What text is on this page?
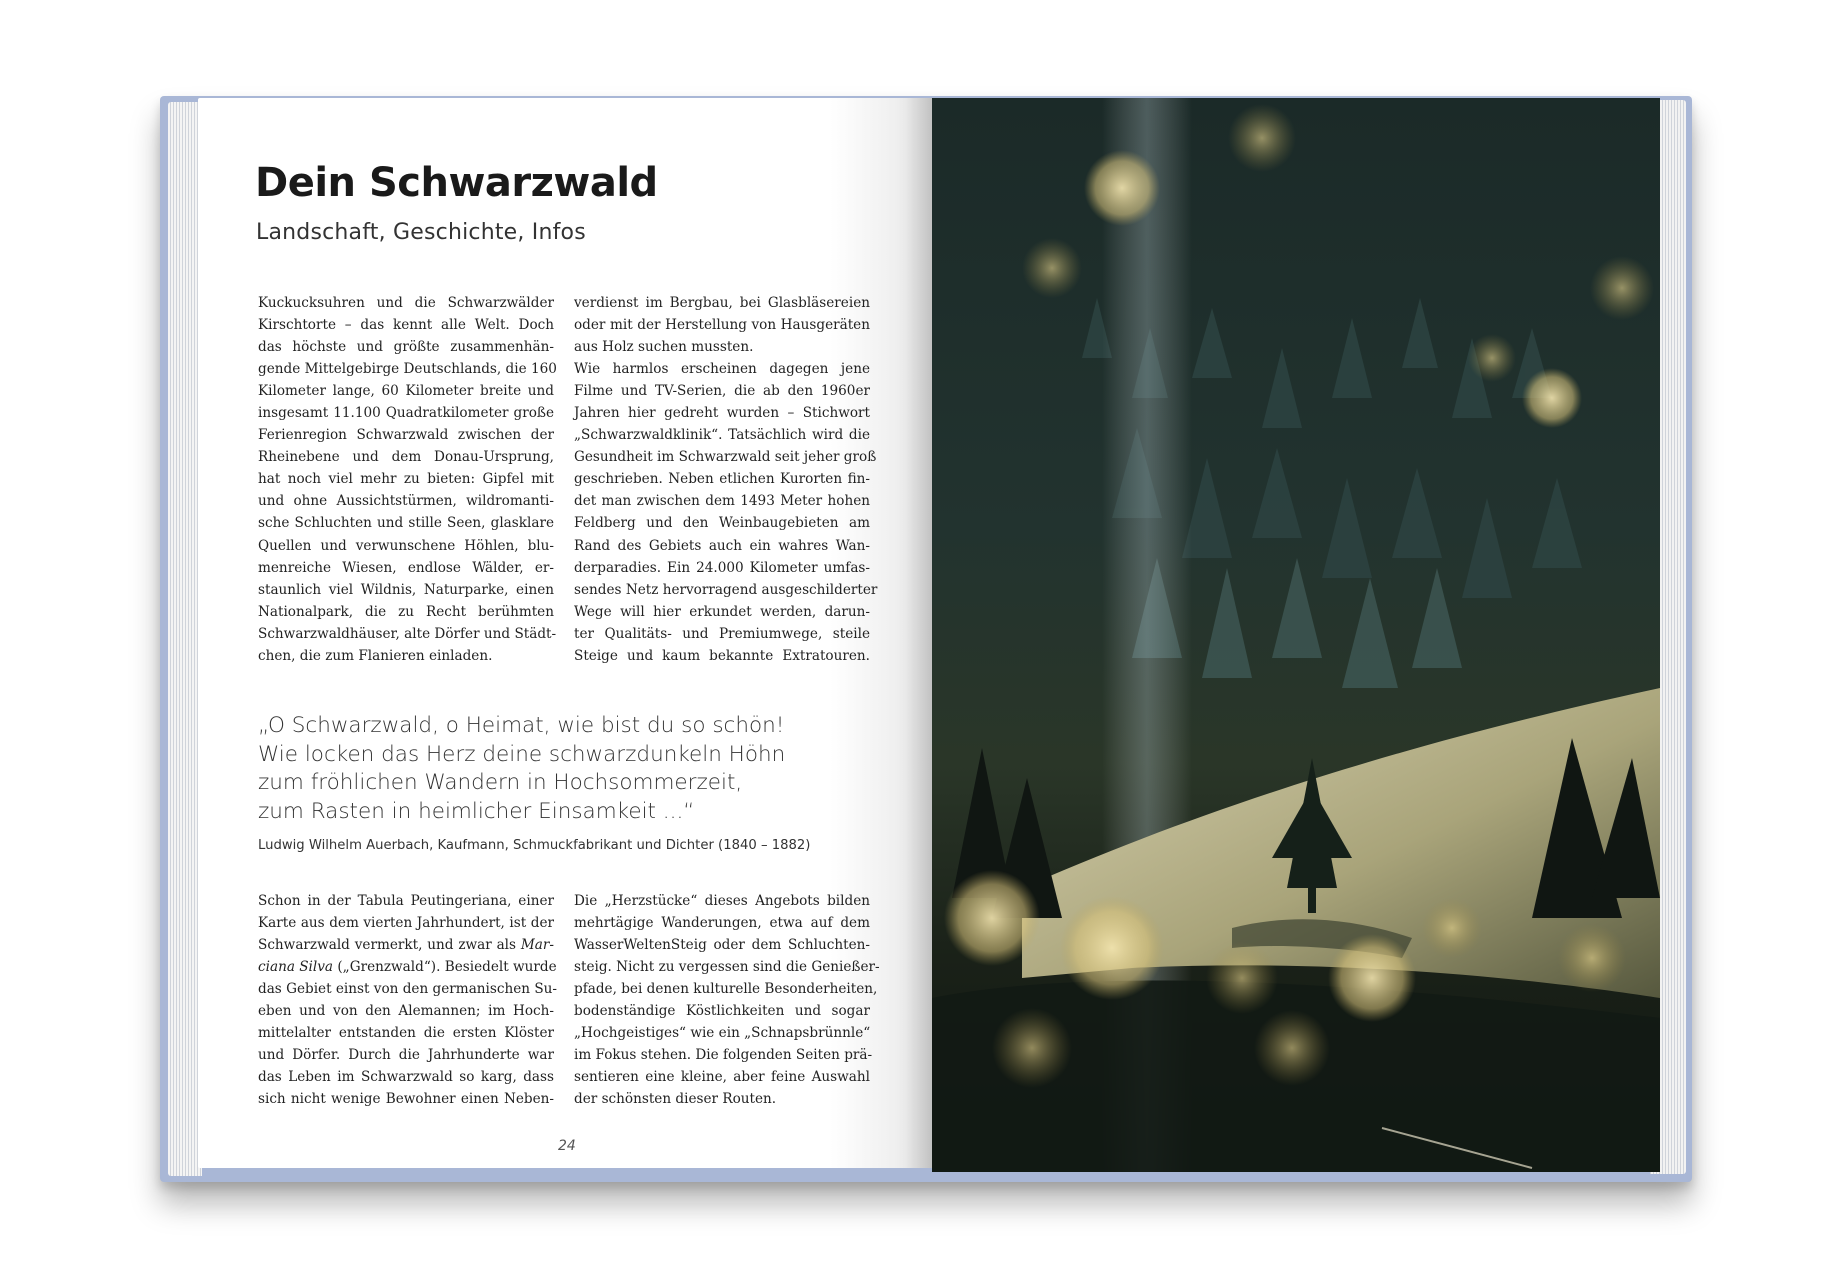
Dein Schwarzwald
Landschaft, Geschichte, Infos
Kuckucksuhren und die Schwarzwälder
Kirschtorte – das kennt alle Welt. Doch
das höchste und größte zusammenhän-
gende Mittelgebirge Deutschlands, die 160
Kilometer lange, 60 Kilometer breite und
insgesamt 11.100 Quadratkilometer große
Ferienregion Schwarzwald zwischen der
Rheinebene und dem Donau-Ursprung,
hat noch viel mehr zu bieten: Gipfel mit
und ohne Aussichtstürmen, wildromanti-
sche Schluchten und stille Seen, glasklare
Quellen und verwunschene Höhlen, blu-
menreiche Wiesen, endlose Wälder, er-
staunlich viel Wildnis, Naturparke, einen
Nationalpark, die zu Recht berühmten
Schwarzwaldhäuser, alte Dörfer und Städt-
chen, die zum Flanieren einladen.
verdienst im Bergbau, bei Glasbläsereien
oder mit der Herstellung von Hausgeräten
aus Holz suchen mussten.
Wie harmlos erscheinen dagegen jene
Filme und TV-Serien, die ab den 1960er
Jahren hier gedreht wurden – Stichwort
„Schwarzwaldklinik“. Tatsächlich wird die
Gesundheit im Schwarzwald seit jeher groß
geschrieben. Neben etlichen Kurorten fin-
det man zwischen dem 1493 Meter hohen
Feldberg und den Weinbaugebieten am
Rand des Gebiets auch ein wahres Wan-
derparadies. Ein 24.000 Kilometer umfas-
sendes Netz hervorragend ausgeschilderter
Wege will hier erkundet werden, darun-
ter Qualitäts- und Premiumwege, steile
Steige und kaum bekannte Extratouren.
„O Schwarzwald, o Heimat, wie bist du so schön!
Wie locken das Herz deine schwarzdunkeln Höhn
zum fröhlichen Wandern in Hochsommerzeit,
zum Rasten in heimlicher Einsamkeit ...“
Ludwig Wilhelm Auerbach, Kaufmann, Schmuckfabrikant und Dichter (1840 – 1882)
Schon in der Tabula Peutingeriana, einer
Karte aus dem vierten Jahrhundert, ist der
Schwarzwald vermerkt, und zwar als Mar-
ciana Silva („Grenzwald“). Besiedelt wurde
das Gebiet einst von den germanischen Su-
eben und von den Alemannen; im Hoch-
mittelalter entstanden die ersten Klöster
und Dörfer. Durch die Jahrhunderte war
das Leben im Schwarzwald so karg, dass
sich nicht wenige Bewohner einen Neben-
Die „Herzstücke“ dieses Angebots bilden
mehrtägige Wanderungen, etwa auf dem
WasserWeltenSteig oder dem Schluchten-
steig. Nicht zu vergessen sind die Genießer-
pfade, bei denen kulturelle Besonderheiten,
bodenständige Köstlichkeiten und sogar
„Hochgeistiges“ wie ein „Schnapsbrünnle“
im Fokus stehen. Die folgenden Seiten prä-
sentieren eine kleine, aber feine Auswahl
der schönsten dieser Routen.
24
